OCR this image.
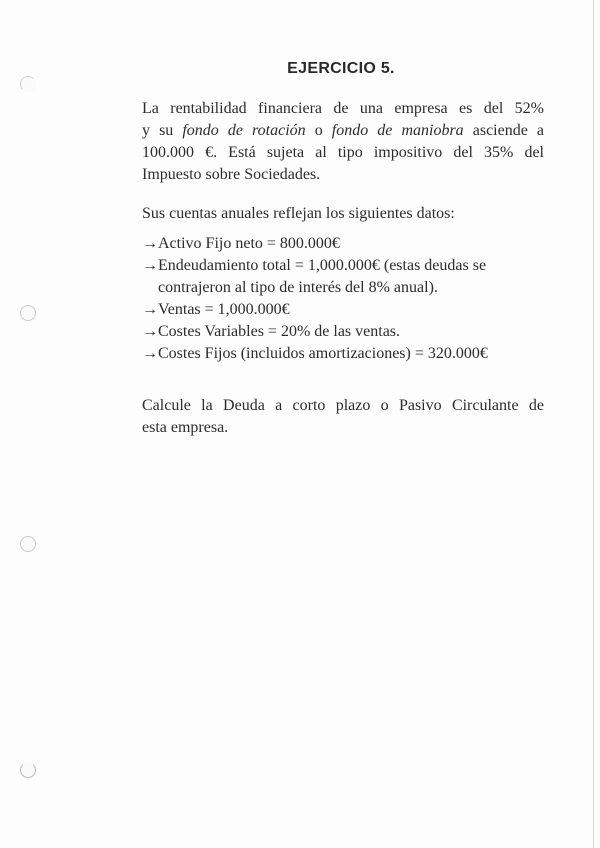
EJERCICIO 5.
La rentabilidad financiera de una empresa es del 52%
y su fondo de rotación o fondo de maniobra asciende a
100.000 €. Está sujeta al tipo impositivo del 35% del
Impuesto sobre Sociedades.
Sus cuentas anuales reflejan los siguientes datos:
→Activo Fijo neto = 800.000€
→Endeudamiento total = 1,000.000€ (estas deudas se
contrajeron al tipo de interés del 8% anual).
→Ventas = 1,000.000€
→Costes Variables = 20% de las ventas.
→Costes Fijos (incluidos amortizaciones) = 320.000€
Calcule la Deuda a corto plazo o Pasivo Circulante de
esta empresa.
